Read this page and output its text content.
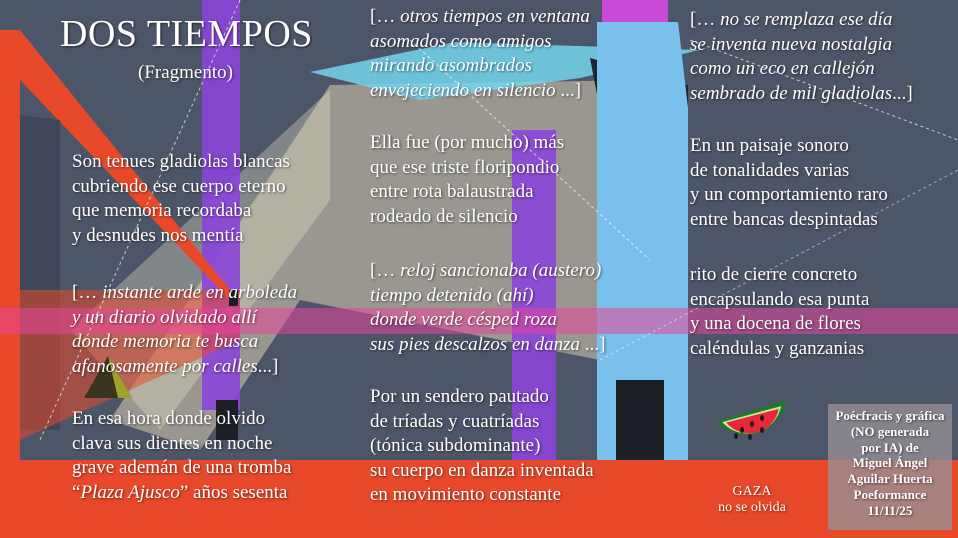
DOS TIEMPOS
(Fragmento)
Son tenues gladiolas blancas
cubriendo ese cuerpo eterno
que memoria recordaba
y desnudes nos mentía
[… instante arde en arboleda
y un diario olvidado allí
donde memoria te busca
afanosamente por calles...]
En esa hora donde olvido
clava sus dientes en noche
grave ademán de una tromba
“Plaza Ajusco” años sesenta
[… otros tiempos en ventana
asomados como amigos
mirando asombrados
envejeciendo en silencio ...]
Ella fue (por mucho) más
que ese triste floripondio
entre rota balaustrada
rodeado de silencio
[… reloj sancionaba (austero)
tiempo detenido (ahí)
donde verde césped roza
sus pies descalzos en danza ...]
Por un sendero pautado
de tríadas y cuatríadas
(tónica subdominante)
su cuerpo en danza inventada
en movimiento constante
[… no se remplaza ese día
se inventa nueva nostalgia
como un eco en callejón
sembrado de mil gladiolas...]
En un paisaje sonoro
de tonalidades varias
y un comportamiento raro
entre bancas despintadas
rito de cierre concreto
encapsulando esa punta
y una docena de flores
caléndulas y ganzanias
GAZA
no se olvida
Poécfracis y gráfica
(NO generada
por IA) de
Miguel Ángel
Aguilar Huerta
Poeformance
11/11/25
